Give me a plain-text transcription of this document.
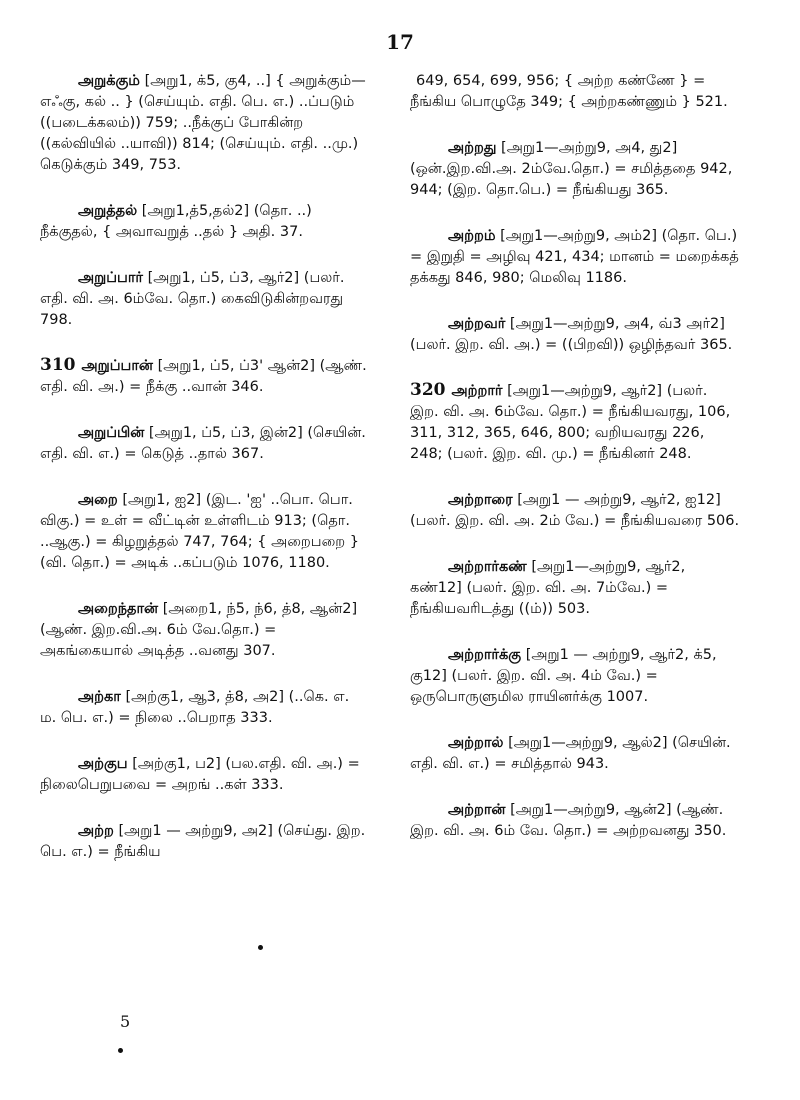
17
அறுக்கும் [அறு1, க்5, கு4, ..] { அறுக்கும்—எஃகு, கல் .. } (செய்யும். எதி. பெ. எ.) ..ப்படும் ((படைக்கலம்)) 759; ..நீக்குப் போகின்ற ((கல்வியில் ..யாவி)) 814; (செய்யும். எதி. ..மு.) கெடுக்கும் 349, 753.
அறுத்தல் [அறு1,த்5,தல்2] (தொ. ..) நீக்குதல், { அவாவறுத் ..தல் } அதி. 37.
அறுப்பார் [அறு1, ப்5, ப்3, ஆர்2] (பலர். எதி. வி. அ. 6ம்வே. தொ.) கைவிடுகின்றவரது 798.
310 அறுப்பான் [அறு1, ப்5, ப்3' ஆன்2] (ஆண். எதி. வி. அ.) = நீக்கு ..வான் 346.
அறுப்பின் [அறு1, ப்5, ப்3, இன்2] (செயின். எதி. வி. எ.) = கெடுத் ..தால் 367.
அறை [அறு1, ஐ2] (இட. 'ஐ' ..பொ. பொ. விகு.) = உள் = வீட்டின் உள்ளிடம் 913; (தொ. ..ஆகு.) = கிழறுத்தல் 747, 764; { அறைபறை } (வி. தொ.) = அடிக் ..கப்படும் 1076, 1180.
அறைந்தான் [அறை1, ந்5, ந்6, த்8, ஆன்2] (ஆண். இற.வி.அ. 6ம் வே.தொ.) = அகங்கையால் அடித்த ..வனது 307.
அற்கா [அற்கு1, ஆ3, த்8, அ2] (..கெ. எ. ம. பெ. எ.) = நிலை ..பெறாத 333.
அற்குப [அற்கு1, ப2] (பல.எதி. வி. அ.) = நிலைபெறுபவை = அறங் ..கள் 333.
அற்ற [அறு1 — அற்று9, அ2] (செய்து. இற. பெ. எ.) = நீங்கிய
649, 654, 699, 956; { அற்ற கண்ணே } = நீங்கிய பொழுதே 349; { அற்றகண்ணும் } 521.
அற்றது [அறு1—அற்று9, அ4, து2] (ஒன்.இற.வி.அ. 2ம்வே.தொ.) = சமித்ததை 942, 944; (இற. தொ.பெ.) = நீங்கியது 365.
அற்றம் [அறு1—அற்று9, அம்2] (தொ. பெ.) = இறுதி = அழிவு 421, 434; மானம் = மறைக்கத் தக்கது 846, 980; மெலிவு 1186.
அற்றவர் [அறு1—அற்று9, அ4, வ்3 அர்2] (பலர். இற. வி. அ.) = ((பிறவி)) ஒழிந்தவர் 365.
320 அற்றார் [அறு1—அற்று9, ஆர்2] (பலர். இற. வி. அ. 6ம்வே. தொ.) = நீங்கியவரது, 106, 311, 312, 365, 646, 800; வறியவரது 226, 248; (பலர். இற. வி. மு.) = நீங்கினர் 248.
அற்றாரை [அறு1 — அற்று9, ஆர்2, ஐ12] (பலர். இற. வி. அ. 2ம் வே.) = நீங்கியவரை 506.
அற்றார்கண் [அறு1—அற்று9, ஆர்2, கண்12] (பலர். இற. வி. அ. 7ம்வே.) = நீங்கியவரிடத்து ((ம்)) 503.
அற்றார்க்கு [அறு1 — அற்று9, ஆர்2, க்5, கு12] (பலர். இற. வி. அ. 4ம் வே.) = ஒருபொருளுமில ராயினர்க்கு 1007.
அற்றால் [அறு1—அற்று9, ஆல்2] (செயின். எதி. வி. எ.) = சமித்தால் 943.
அற்றான் [அறு1—அற்று9, ஆன்2] (ஆண். இற. வி. அ. 6ம் வே. தொ.) = அற்றவனது 350.
5
